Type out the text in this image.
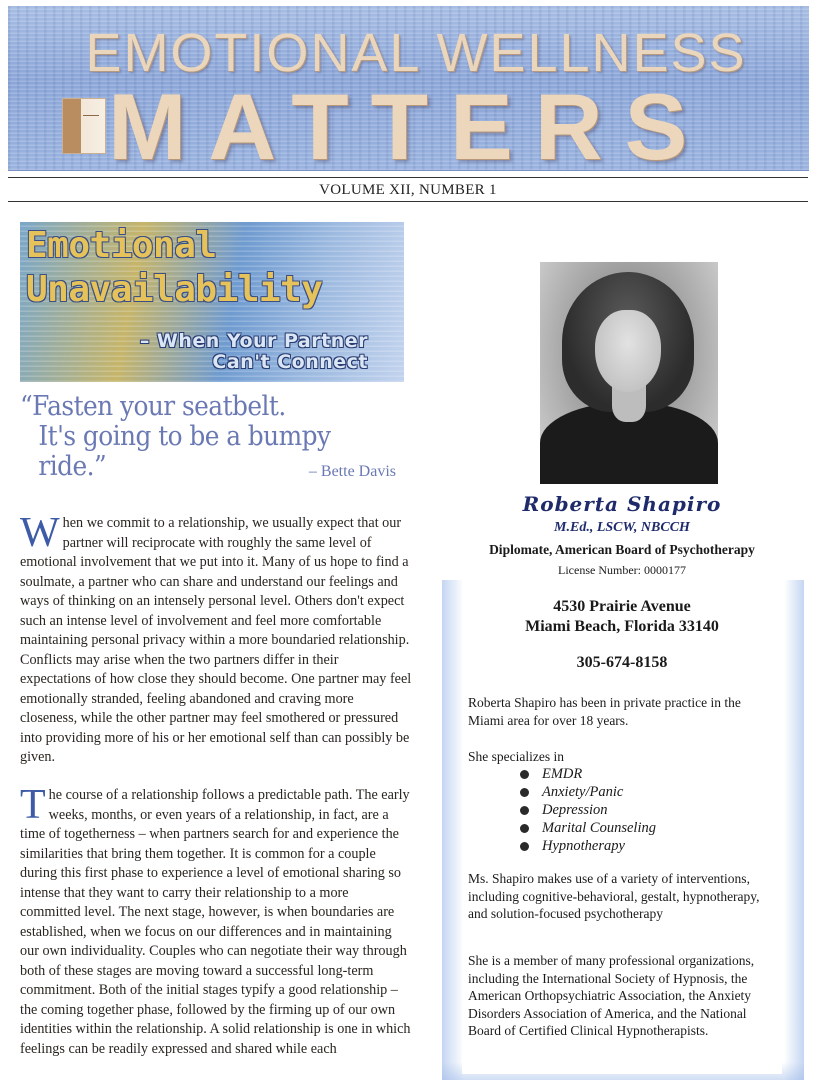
EMOTIONAL WELLNESS
MATTERS
VOLUME XII, NUMBER 1
Emotional
Unavailability
– When Your Partner
Can't Connect
“Fasten your seatbelt.
It's going to be a bumpy ride.”	– Bette Davis
When we commit to a relationship, we usually expect that our partner will reciprocate with roughly the same level of emotional involvement that we put into it. Many of us hope to find a soulmate, a partner who can share and understand our feelings and ways of thinking on an intensely personal level. Others don't expect such an intense level of involvement and feel more comfortable maintaining personal privacy within a more boundaried relationship. Conflicts may arise when the two partners differ in their expectations of how close they should become. One partner may feel emotionally stranded, feeling abandoned and craving more closeness, while the other partner may feel smothered or pressured into providing more of his or her emotional self than can possibly be given.
The course of a relationship follows a predictable path. The early weeks, months, or even years of a relationship, in fact, are a time of togetherness – when partners search for and experience the similarities that bring them together. It is common for a couple during this first phase to experience a level of emotional sharing so intense that they want to carry their relationship to a more committed level. The next stage, however, is when boundaries are established, when we focus on our differences and in maintaining our own individuality. Couples who can negotiate their way through both of these stages are moving toward a successful long-term commitment. Both of the initial stages typify a good relationship – the coming together phase, followed by the firming up of our own identities within the relationship. A solid relationship is one in which feelings can be readily expressed and shared while each
Roberta Shapiro
M.Ed., LSCW, NBCCH
Diplomate, American Board of Psychotherapy
License Number: 0000177
4530 Prairie Avenue
Miami Beach, Florida 33140
305-674-8158
Roberta Shapiro has been in private practice in the Miami area for over 18 years.
She specializes in
EMDR
Anxiety/Panic
Depression
Marital Counseling
Hypnotherapy
Ms. Shapiro makes use of a variety of interventions, including cognitive-behavioral, gestalt, hypnotherapy, and solution-focused psychotherapy
She is a member of many professional organizations, including the International Society of Hypnosis, the American Orthopsychiatric Association, the Anxiety Disorders Association of America, and the National Board of Certified Clinical Hypnotherapists.
